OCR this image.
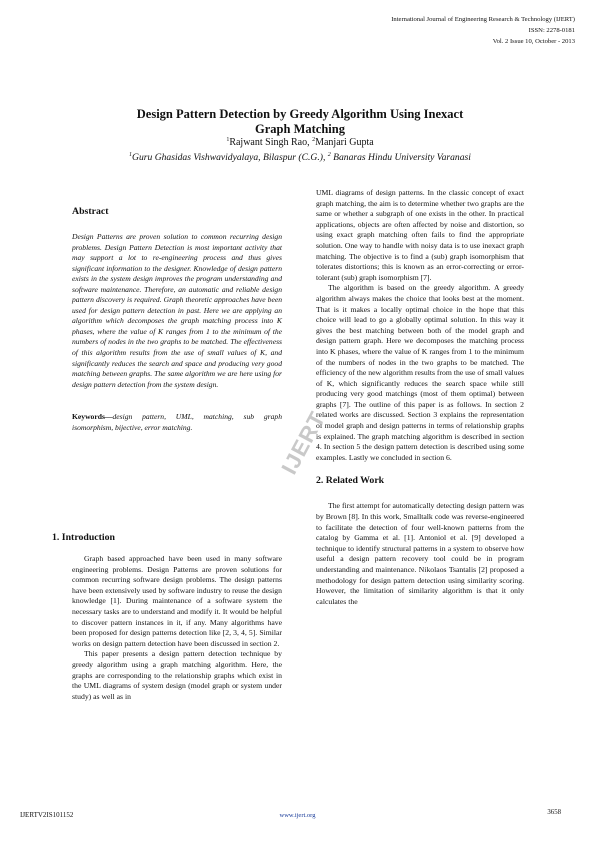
International Journal of Engineering Research & Technology (IJERT)
ISSN: 2278-0181
Vol. 2 Issue 10, October - 2013
Design Pattern Detection by Greedy Algorithm Using Inexact
Graph Matching
$^1$Rajwant Singh Rao, $^2$Manjari Gupta
$^1$Guru Ghasidas Vishwavidyalaya, Bilaspur (C.G.), $^2$ Banaras Hindu University Varanasi
Abstract

Design Patterns are proven solution to common recurring design problems. Design Pattern Detection is most important activity that may support a lot to re-engineering process and thus gives significant information to the designer. Knowledge of design pattern exists in the system design improves the program understanding and software maintenance. Therefore, an automatic and reliable design pattern discovery is required. Graph theoretic approaches have been used for design pattern detection in past. Here we are applying an algorithm which decomposes the graph matching process into K phases, where the value of K ranges from 1 to the minimum of the numbers of nodes in the two graphs to be matched. The effectiveness of this algorithm results from the use of small values of K, and significantly reduces the search and space and producing very good matching between graphs. The same algorithm we are here using for design pattern detection from the system design.

Keywords—design pattern, UML, matching, sub graph isomorphism, bijective, error matching.

1. Introduction

Graph based approached have been used in many software engineering problems. Design Patterns are proven solutions for common recurring software design problems. The design patterns have been extensively used by software industry to reuse the design knowledge [1]. During maintenance of a software system the necessary tasks are to understand and modify it. It would be helpful to discover pattern instances in it, if any. Many algorithms have been proposed for design patterns detection like [2, 3, 4, 5]. Similar works on design pattern detection have been discussed in section 2.

This paper presents a design pattern detection technique by greedy algorithm using a graph matching algorithm. Here, the graphs are corresponding to the relationship graphs which exist in the UML diagrams of system design (model graph or system under study) as well as in

UML diagrams of design patterns. In the classic concept of exact graph matching, the aim is to determine whether two graphs are the same or whether a subgraph of one exists in the other. In practical applications, objects are often affected by noise and distortion, so using exact graph matching often fails to find the appropriate solution. One way to handle with noisy data is to use inexact graph matching. The objective is to find a (sub) graph isomorphism that tolerates distortions; this is known as an error-correcting or error-tolerant (sub) graph isomorphism [7].

The algorithm is based on the greedy algorithm. A greedy algorithm always makes the choice that looks best at the moment. That is it makes a locally optimal choice in the hope that this choice will lead to go a globally optimal solution. In this way it gives the best matching between both of the model graph and design pattern graph. Here we decomposes the matching process into K phases, where the value of K ranges from 1 to the minimum of the numbers of nodes in the two graphs to be matched. The efficiency of the new algorithm results from the use of small values of K, which significantly reduces the search space while still producing very good matchings (most of them optimal) between graphs [7]. The outline of this paper is as follows. In section 2 related works are discussed. Section 3 explains the representation of model graph and design patterns in terms of relationship graphs is explained. The graph matching algorithm is described in section 4. In section 5 the design pattern detection is described using some examples. Lastly we concluded in section 6.

2. Related Work

The first attempt for automatically detecting design pattern was by Brown [8]. In this work, Smalltalk code was reverse-engineered to facilitate the detection of four well-known patterns from the catalog by Gamma et al. [1]. Antoniol et al. [9] developed a technique to identify structural patterns in a system to observe how useful a design pattern recovery tool could be in program understanding and maintenance. Nikolaos Tsantalis [2] proposed a methodology for design pattern detection using similarity scoring. However, the limitation of similarity algorithm is that it only calculates the

IJERT
IJERTV2IS101152	www.ijert.org	3658
